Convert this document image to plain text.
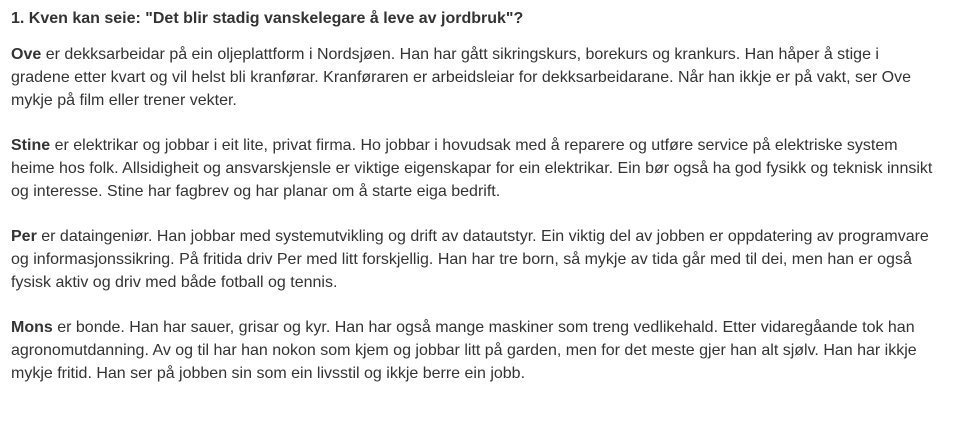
1. Kven kan seie: "Det blir stadig vanskelegare å leve av jordbruk"?

Ove er dekksarbeidar på ein oljeplattform i Nordsjøen. Han har gått sikringskurs, borekurs og krankurs. Han håper å stige i gradene etter kvart og vil helst bli kranførar. Kranføraren er arbeidsleiar for dekksarbeidarane. Når han ikkje er på vakt, ser Ove mykje på film eller trener vekter.

Stine er elektrikar og jobbar i eit lite, privat firma. Ho jobbar i hovudsak med å reparere og utføre service på elektriske system heime hos folk. Allsidigheit og ansvarskjensle er viktige eigenskapar for ein elektrikar. Ein bør også ha god fysikk og teknisk innsikt og interesse. Stine har fagbrev og har planar om å starte eiga bedrift.

Per er dataingeniør. Han jobbar med systemutvikling og drift av datautstyr. Ein viktig del av jobben er oppdatering av programvare og informasjonssikring. På fritida driv Per med litt forskjellig. Han har tre born, så mykje av tida går med til dei, men han er også fysisk aktiv og driv med både fotball og tennis.

Mons er bonde. Han har sauer, grisar og kyr. Han har også mange maskiner som treng vedlikehald. Etter vidaregåande tok han agronomutdanning. Av og til har han nokon som kjem og jobbar litt på garden, men for det meste gjer han alt sjølv. Han har ikkje mykje fritid. Han ser på jobben sin som ein livsstil og ikkje berre ein jobb.
